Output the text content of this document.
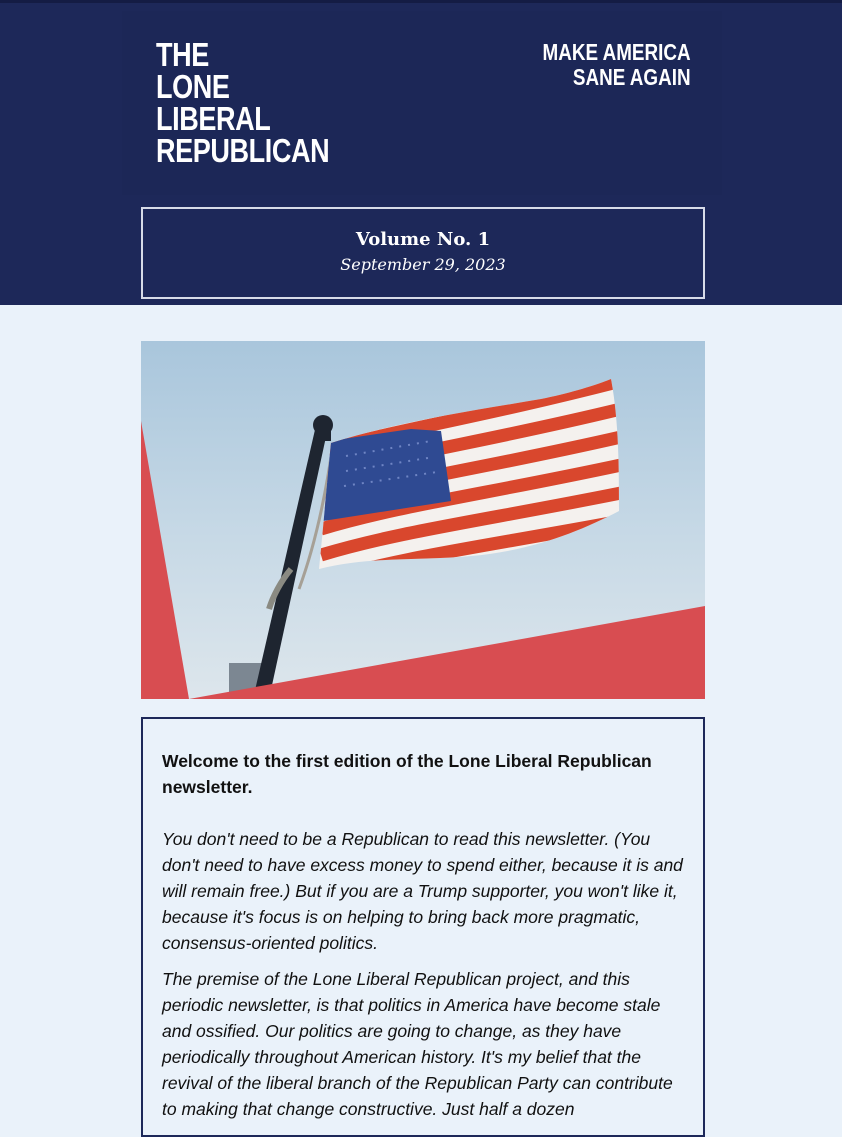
THE
LONE
LIBERAL
REPUBLICAN
MAKE AMERICA
SANE AGAIN
Volume No. 1
September 29, 2023

Welcome to the first edition of the Lone Liberal Republican newsletter.

You don't need to be a Republican to read this newsletter. (You don't need to have excess money to spend either, because it is and will remain free.) But if you are a Trump supporter, you won't like it, because it's focus is on helping to bring back more pragmatic, consensus-oriented politics.

The premise of the Lone Liberal Republican project, and this periodic newsletter, is that politics in America have become stale and ossified. Our politics are going to change, as they have periodically throughout American history. It's my belief that the revival of the liberal branch of the Republican Party can contribute to making that change constructive. Just half a dozen
